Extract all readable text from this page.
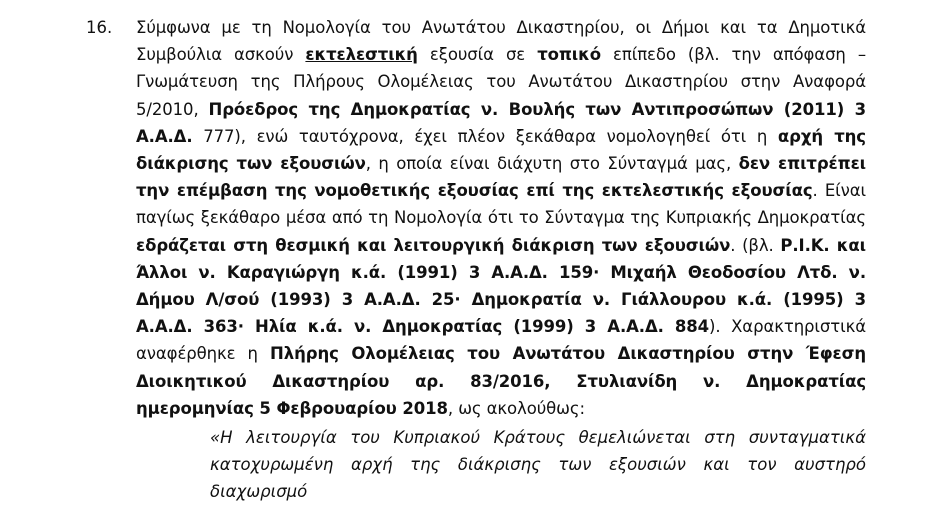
16. Σύμφωνα με τη Νομολογία του Ανωτάτου Δικαστηρίου, οι Δήμοι και τα Δημοτικά Συμβούλια ασκούν εκτελεστική εξουσία σε τοπικό επίπεδο (βλ. την απόφαση – Γνωμάτευση της Πλήρους Ολομέλειας του Ανωτάτου Δικαστηρίου στην Αναφορά 5/2010, Πρόεδρος της Δημοκρατίας ν. Βουλής των Αντιπροσώπων (2011) 3 Α.Α.Δ. 777), ενώ ταυτόχρονα, έχει πλέον ξεκάθαρα νομολογηθεί ότι η αρχή της διάκρισης των εξουσιών, η οποία είναι διάχυτη στο Σύνταγμά μας, δεν επιτρέπει την επέμβαση της νομοθετικής εξουσίας επί της εκτελεστικής εξουσίας. Είναι παγίως ξεκάθαρο μέσα από τη Νομολογία ότι το Σύνταγμα της Κυπριακής Δημοκρατίας εδράζεται στη θεσμική και λειτουργική διάκριση των εξουσιών. (βλ. Ρ.Ι.Κ. και Άλλοι ν. Καραγιώργη κ.ά. (1991) 3 Α.Α.Δ. 159· Μιχαήλ Θεοδοσίου Λτδ. ν. Δήμου Λ/σού (1993) 3 Α.Α.Δ. 25· Δημοκρατία ν. Γιάλλουρου κ.ά. (1995) 3 Α.Α.Δ. 363· Ηλία κ.ά. ν. Δημοκρατίας (1999) 3 Α.Α.Δ. 884). Χαρακτηριστικά αναφέρθηκε η Πλήρης Ολομέλειας του Ανωτάτου Δικαστηρίου στην Έφεση Διοικητικού Δικαστηρίου αρ. 83/2016, Στυλιανίδη ν. Δημοκρατίας ημερομηνίας 5 Φεβρουαρίου 2018, ως ακολούθως:
«Η λειτουργία του Κυπριακού Κράτους θεμελιώνεται στη συνταγματικά κατοχυρωμένη αρχή της διάκρισης των εξουσιών και τον αυστηρό διαχωρισμό
